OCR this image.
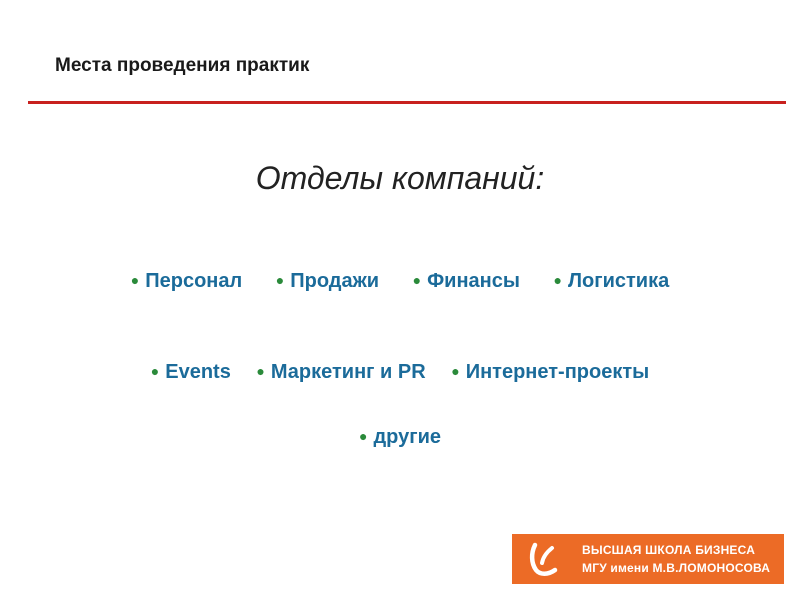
Места проведения практик
Отделы компаний:
● Персонал ● Продажи ● Финансы ● Логистика
● Events ● Маркетинг и PR ● Интернет-проекты
● другие
ВЫСШАЯ ШКОЛА БИЗНЕСА
МГУ имени М.В.ЛОМОНОСОВА
